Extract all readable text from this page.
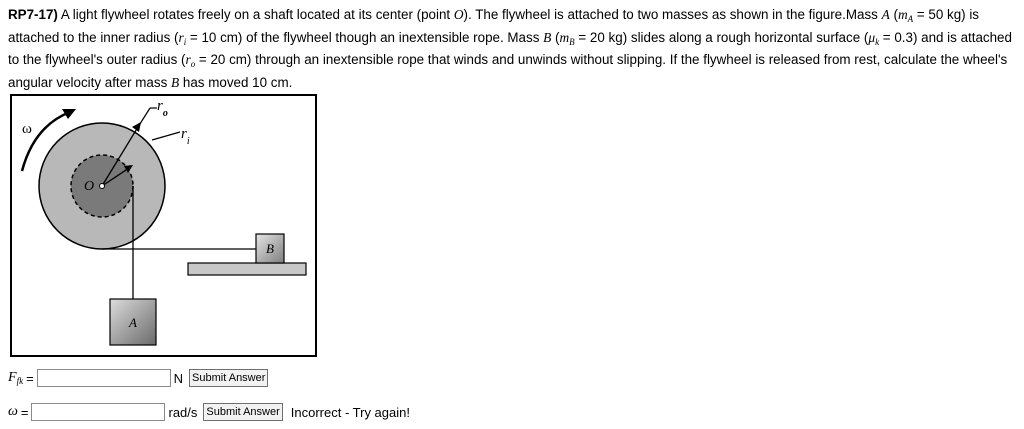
RP7-17) A light flywheel rotates freely on a shaft located at its center (point O). The flywheel is attached to two masses as shown in the figure.Mass A ($m_A = 50$ kg) is attached to the inner radius ($r_i = 10$ cm) of the flywheel though an inextensible rope. Mass B ($m_B = 20$ kg) slides along a rough horizontal surface $(\mu_k = 0.3)$ and is attached to the flywheel's outer radius ($r_o = 20$ cm) through an inextensible rope that winds and unwinds without slipping. If the flywheel is released from rest, calculate the wheel's angular velocity after mass B has moved 10 cm.
ω
$r_o$
$r_i$
O
B
A
$F_{fk}$ =	N Submit Answer
ω =	rad/s Submit Answer Incorrect - Try again!
